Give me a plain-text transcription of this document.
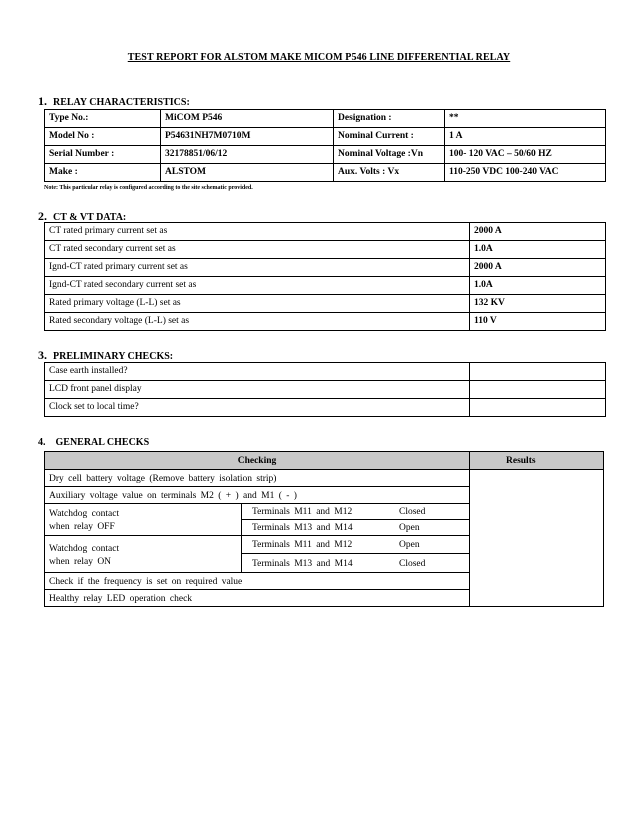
TEST REPORT FOR ALSTOM MAKE MICOM P546 LINE DIFFERENTIAL RELAY
1. RELAY CHARACTERISTICS:
Type No.:	MiCOM P546	Designation :	**
Model No :	P54631NH7M0710M	Nominal Current :	1 A
Serial Number :	32178851/06/12	Nominal Voltage :Vn	100- 120 VAC – 50/60 HZ
Make :	ALSTOM	Aux. Volts : Vx	110-250 VDC 100-240 VAC
Note: This particular relay is configured according to the site schematic provided.
2. CT & VT DATA:
CT rated primary current set as	2000 A
CT rated secondary current set as	1.0A
Ignd-CT rated primary current set as	2000 A
Ignd-CT rated secondary current set as	1.0A
Rated primary voltage (L-L) set as	132 KV
Rated secondary voltage (L-L) set as	110 V
3. PRELIMINARY CHECKS:
Case earth installed?	
LCD front panel display	
Clock set to local time?	
4. GENERAL CHECKS
Checking	Results
Dry cell battery voltage (Remove battery isolation strip)
Auxiliary voltage value on terminals M2 ( + ) and M1 ( - )
Watchdog contact
when relay OFF
Terminals M11 and M12	Closed
Terminals M13 and M14	Open
Watchdog contact
when relay ON
Terminals M11 and M12	Open
Terminals M13 and M14	Closed
Check if the frequency is set on required value
Healthy relay LED operation check
